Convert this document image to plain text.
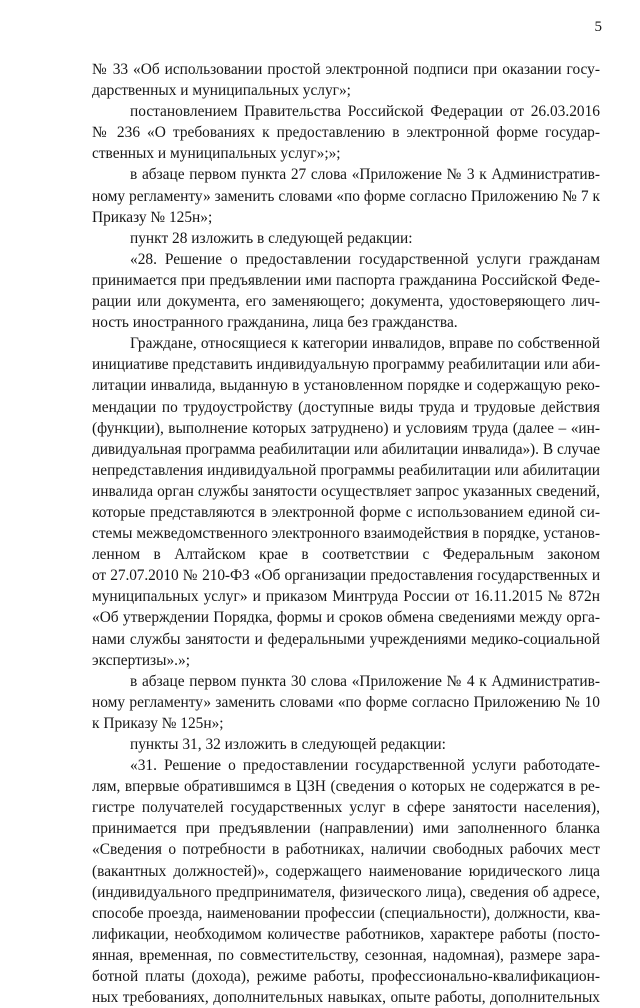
5
№ 33 «Об использовании простой электронной подписи при оказании госу-
дарственных и муниципальных услуг»;
постановлением Правительства Российской Федерации от 26.03.2016
№ 236 «О требованиях к предоставлению в электронной форме государ-
ственных и муниципальных услуг»;»;
в абзаце первом пункта 27 слова «Приложение № 3 к Административ-
ному регламенту» заменить словами «по форме согласно Приложению № 7 к
Приказу № 125н»;
пункт 28 изложить в следующей редакции:
«28. Решение о предоставлении государственной услуги гражданам
принимается при предъявлении ими паспорта гражданина Российской Феде-
рации или документа, его заменяющего; документа, удостоверяющего лич-
ность иностранного гражданина, лица без гражданства.
Граждане, относящиеся к категории инвалидов, вправе по собственной
инициативе представить индивидуальную программу реабилитации или аби-
литации инвалида, выданную в установленном порядке и содержащую реко-
мендации по трудоустройству (доступные виды труда и трудовые действия
(функции), выполнение которых затруднено) и условиям труда (далее – «ин-
дивидуальная программа реабилитации или абилитации инвалида»). В случае
непредставления индивидуальной программы реабилитации или абилитации
инвалида орган службы занятости осуществляет запрос указанных сведений,
которые представляются в электронной форме с использованием единой си-
стемы межведомственного электронного взаимодействия в порядке, установ-
ленном в Алтайском крае в соответствии с Федеральным законом
от 27.07.2010 № 210-ФЗ «Об организации предоставления государственных и
муниципальных услуг» и приказом Минтруда России от 16.11.2015 № 872н
«Об утверждении Порядка, формы и сроков обмена сведениями между орга-
нами службы занятости и федеральными учреждениями медико-социальной
экспертизы».»;
в абзаце первом пункта 30 слова «Приложение № 4 к Административ-
ному регламенту» заменить словами «по форме согласно Приложению № 10
к Приказу № 125н»;
пункты 31, 32 изложить в следующей редакции:
«31. Решение о предоставлении государственной услуги работодате-
лям, впервые обратившимся в ЦЗН (сведения о которых не содержатся в ре-
гистре получателей государственных услуг в сфере занятости населения),
принимается при предъявлении (направлении) ими заполненного бланка
«Сведения о потребности в работниках, наличии свободных рабочих мест
(вакантных должностей)», содержащего наименование юридического лица
(индивидуального предпринимателя, физического лица), сведения об адресе,
способе проезда, наименовании профессии (специальности), должности, ква-
лификации, необходимом количестве работников, характере работы (посто-
янная, временная, по совместительству, сезонная, надомная), размере зара-
ботной платы (дохода), режиме работы, профессионально-квалификацион-
ных требованиях, дополнительных навыках, опыте работы, дополнительных
